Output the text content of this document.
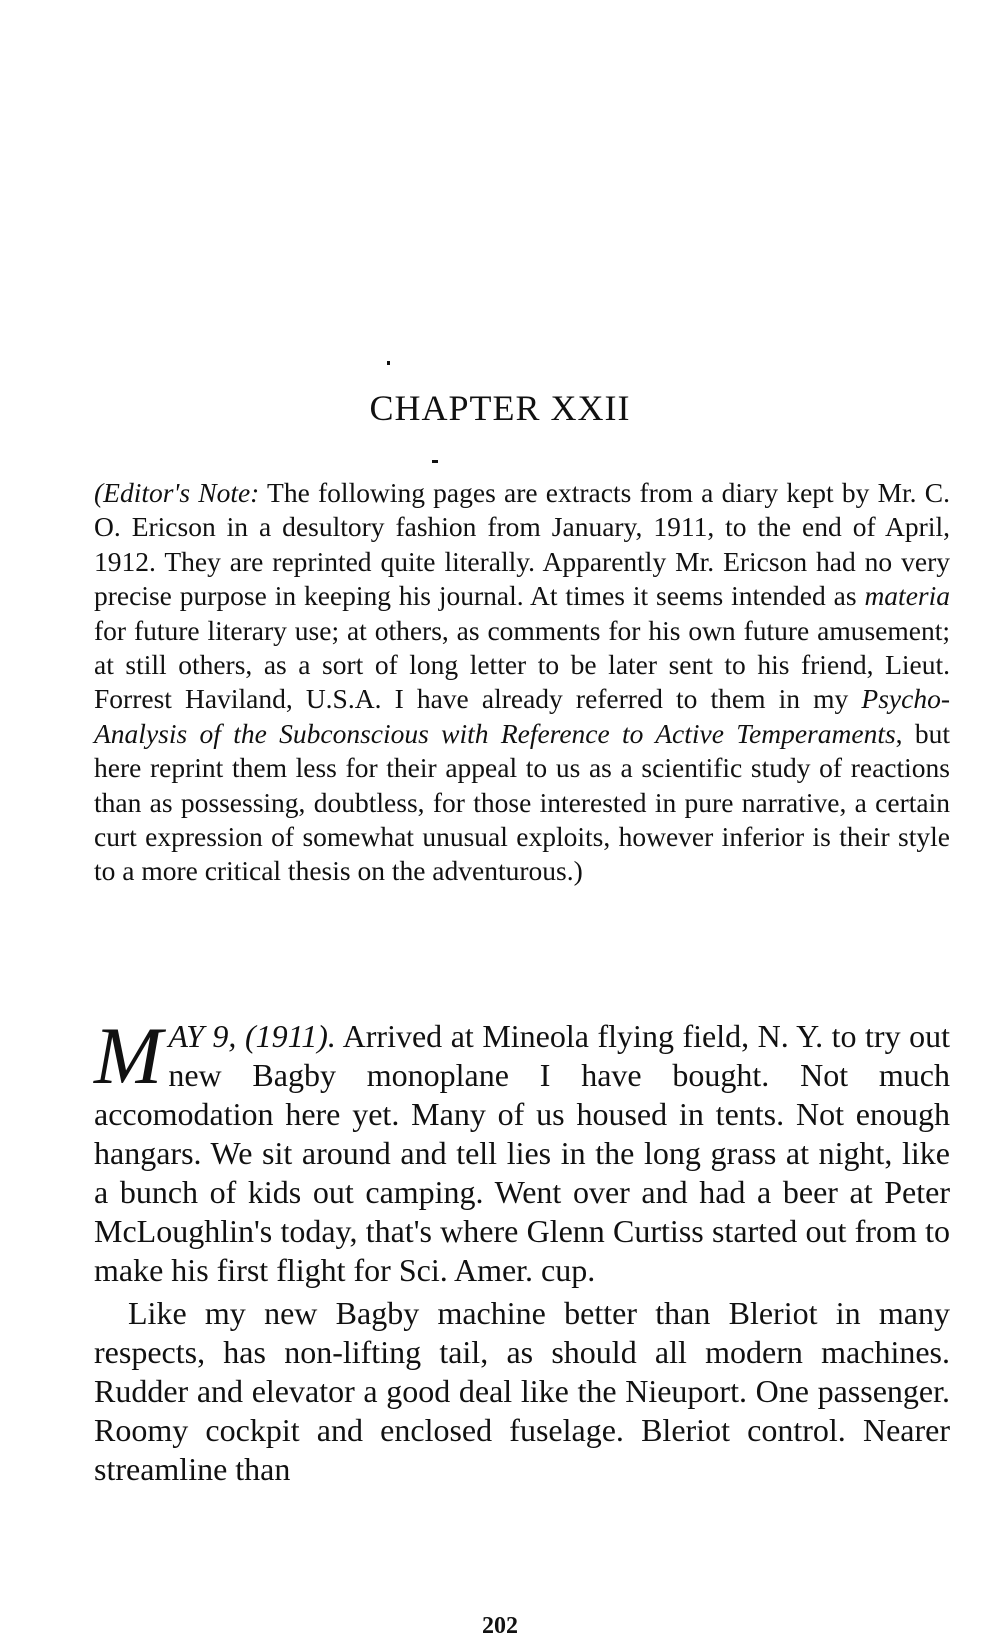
CHAPTER XXII

(Editor's Note: The following pages are extracts from a diary kept by Mr. C. O. Ericson in a desultory fashion from January, 1911, to the end of April, 1912. They are reprinted quite literally. Apparently Mr. Ericson had no very precise purpose in keeping his journal. At times it seems intended as materia for future literary use; at others, as comments for his own future amusement; at still others, as a sort of long letter to be later sent to his friend, Lieut. Forrest Haviland, U.S.A. I have already referred to them in my Psycho-Analysis of the Subconscious with Reference to Active Temperaments, but here reprint them less for their appeal to us as a scientific study of reactions than as possessing, doubtless, for those interested in pure narrative, a certain curt expression of somewhat unusual exploits, however inferior is their style to a more critical thesis on the adventurous.)

MAY 9, (1911). Arrived at Mineola flying field, N. Y. to try out new Bagby monoplane I have bought. Not much accomodation here yet. Many of us housed in tents. Not enough hangars. We sit around and tell lies in the long grass at night, like a bunch of kids out camping. Went over and had a beer at Peter McLoughlin's today, that's where Glenn Curtiss started out from to make his first flight for Sci. Amer. cup.

Like my new Bagby machine better than Bleriot in many respects, has non-lifting tail, as should all modern machines. Rudder and elevator a good deal like the Nieuport. One passenger. Roomy cockpit and enclosed fuselage. Bleriot control. Nearer streamline than

202
